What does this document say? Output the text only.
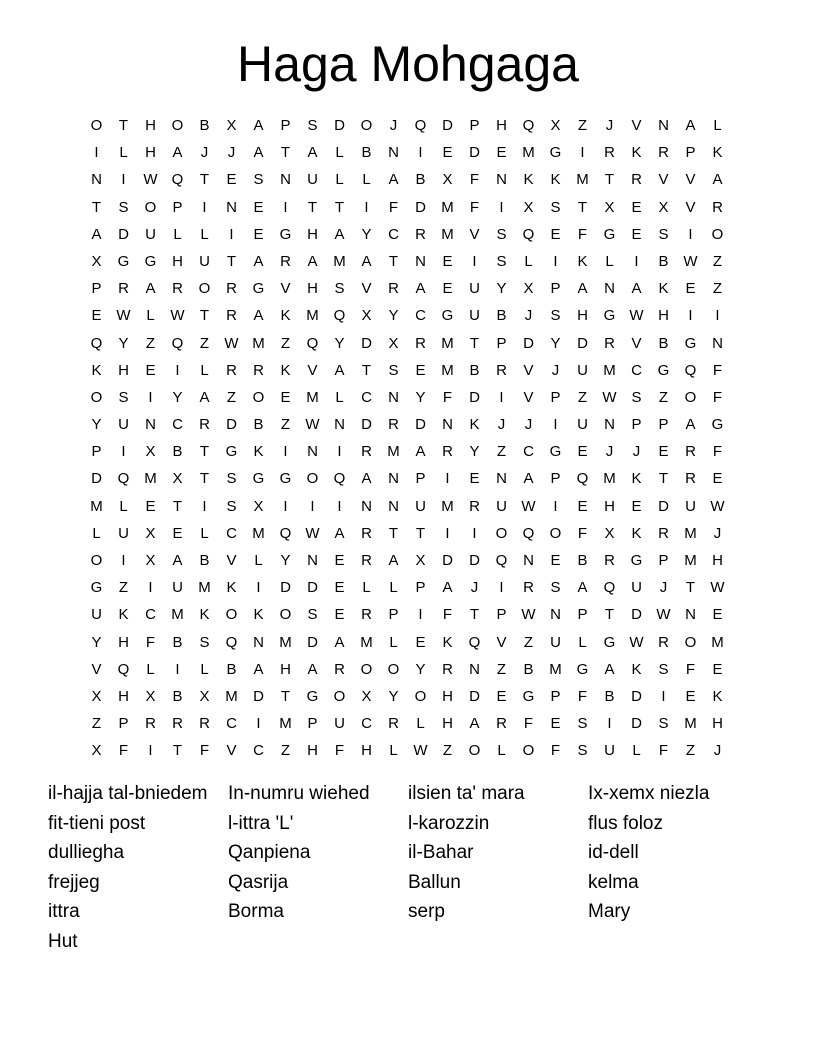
Haga Mohgaga
O	T	H	O	B	X	A	P	S	D	O	J	Q	D	P	H	Q	X	Z	J	V	N	A	L
I	L	H	A	J	J	A	T	A	L	B	N	I	E	D	E	M G	I	R	K	R	P	K
N	I	W Q	T	E	S	N	U	L	L	A	B	X	F	N	K	K	M	T	R	V	V	A
T	S	O	P	I	N	E	I	T	T	I	F	D	M	F	I	X	S	T	X	E	X	V	R
A	D	U	L	L	I	E	G	H	A	Y	C	R	M	V	S	Q	E	F	G	E	S	I	O
X	G	G	H	U	T	A	R	A	M	A	T	N	E	I	S	L	I	K	L	I	B W	Z
P	R	A	R	O	R	G	V	H	S	V	R	A	E	U	Y	X	P	A	N	A	K	E	Z
E W	L	W	T	R	A	K	M Q	X	Y	C	G	U	B	J	S	H	G W H	I	I
Q	Y	Z	Q	Z	W M	Z	Q	Y	D	X	R	M	T	P	D	Y	D	R	V	B	G	N
K	H	E	I	L	R	R	K	V	A	T	S	E	M	B	R	V	J	U	M	C	G	Q	F
O	S	I	Y	A	Z	O	E	M	L	C	N	Y	F	D	I	V	P	Z	W S	Z	O	F
Y	U	N	C	R	D	B	Z	W N	D	R	D	N	K	J	J	I	U	N	P	P	A	G
P	I	X	B	T	G	K	I	N	I	R	M	A	R	Y	Z	C	G	E	J	J	E	R	F
D	Q M	X	T	S	G	G	O	Q	A	N	P	I	E	N	A	P	Q M	K	T	R	E
M	L	E	T	I	S	X	I	I	I	N	N	U	M	R	U W	I	E	H	E	D	U W
L	U	X	E	L	C	M Q W A	R	T	T	I	I	O	Q	O	F	X	K	R	M	J
O	I	X	A	B	V	L	Y	N	E	R	A	X	D	D	Q	N	E	B	R	G	P	M	H
G	Z	I	U	M	K	I	D	D	E	L	L	P	A	J	I	R	S	A	Q	U	J	T	W
U	K	C	M	K	O	K	O	S	E	R	P	I	F	T	P W N	P	T	D W N	E
Y	H	F	B	S	Q	N	M	D	A	M	L	E	K	Q	V	Z	U	L	G W R	O M
V	Q	L	I	L	B	A	H	A	R	O	O	Y	R	N	Z	B	M G	A	K	S	F	E
X	H	X	B	X	M	D	T	G	O	X	Y	O	H	D	E	G	P	F	B	D	I	E	K
Z	P	R	R	R	C	I	M	P	U	C	R	L	H	A	R	F	E	S	I	D	S	M	H
X	F	I	T	F	V	C	Z	H	F	H	L	W	Z	O	L	O	F	S	U	L	F	Z	J
il-hajja tal-bniedem	In-numru wiehed	ilsien ta' mara	Ix-xemx niezla
fit-tieni post	l-ittra 'L'	l-karozzin	flus foloz
dulliegha	Qanpiena	il-Bahar	id-dell
frejjeg	Qasrija	Ballun	kelma
ittra	Borma	serp	Mary
Hut
